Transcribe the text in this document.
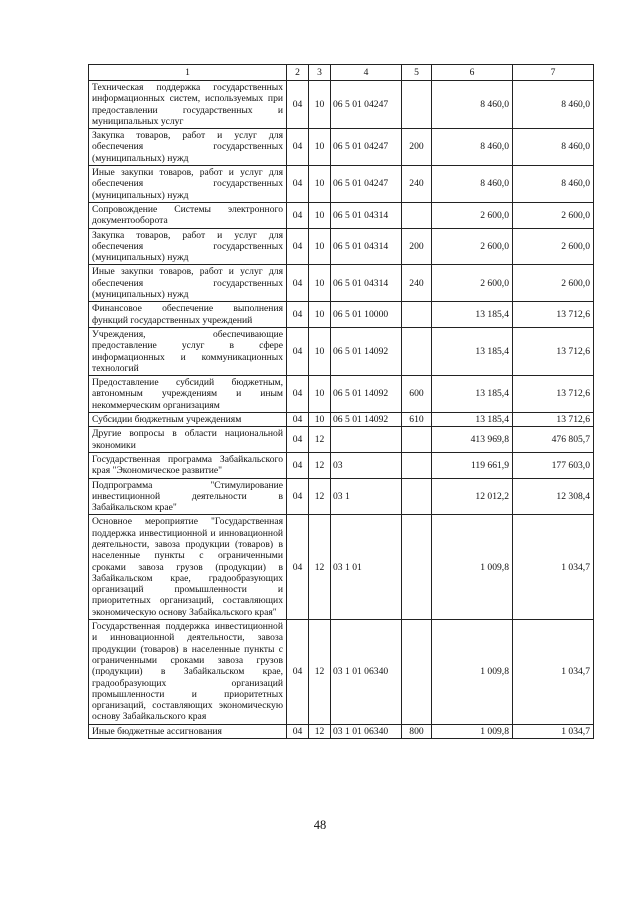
1	2	3	4	5	6	7
Техническая поддержка государственных информационных систем, используемых при предоставлении государственных и муниципальных услуг	04	10	06 5 01 04247		8 460,0	8 460,0
Закупка товаров, работ и услуг для обеспечения государственных (муниципальных) нужд	04	10	06 5 01 04247	200	8 460,0	8 460,0
Иные закупки товаров, работ и услуг для обеспечения государственных (муниципальных) нужд	04	10	06 5 01 04247	240	8 460,0	8 460,0
Сопровождение Системы электронного документооборота	04	10	06 5 01 04314		2 600,0	2 600,0
Закупка товаров, работ и услуг для обеспечения государственных (муниципальных) нужд	04	10	06 5 01 04314	200	2 600,0	2 600,0
Иные закупки товаров, работ и услуг для обеспечения государственных (муниципальных) нужд	04	10	06 5 01 04314	240	2 600,0	2 600,0
Финансовое обеспечение выполнения функций государственных учреждений	04	10	06 5 01 10000		13 185,4	13 712,6
Учреждения, обеспечивающие предоставление услуг в сфере информационных и коммуникационных технологий	04	10	06 5 01 14092		13 185,4	13 712,6
Предоставление субсидий бюджетным, автономным учреждениям и иным некоммерческим организациям	04	10	06 5 01 14092	600	13 185,4	13 712,6
Субсидии бюджетным учреждениям	04	10	06 5 01 14092	610	13 185,4	13 712,6
Другие вопросы в области национальной экономики	04	12			413 969,8	476 805,7
Государственная программа Забайкальского края "Экономическое развитие"	04	12	03		119 661,9	177 603,0
Подпрограмма "Стимулирование инвестиционной деятельности в Забайкальском крае"	04	12	03 1		12 012,2	12 308,4
Основное мероприятие "Государственная поддержка инвестиционной и инновационной деятельности, завоза продукции (товаров) в населенные пункты с ограниченными сроками завоза грузов (продукции) в Забайкальском крае, градообразующих организаций промышленности и приоритетных организаций, составляющих экономическую основу Забайкальского края"	04	12	03 1 01		1 009,8	1 034,7
Государственная поддержка инвестиционной и инновационной деятельности, завоза продукции (товаров) в населенные пункты с ограниченными сроками завоза грузов (продукции) в Забайкальском крае, градообразующих организаций промышленности и приоритетных организаций, составляющих экономическую основу Забайкальского края	04	12	03 1 01 06340		1 009,8	1 034,7
Иные бюджетные ассигнования	04	12	03 1 01 06340	800	1 009,8	1 034,7
48
